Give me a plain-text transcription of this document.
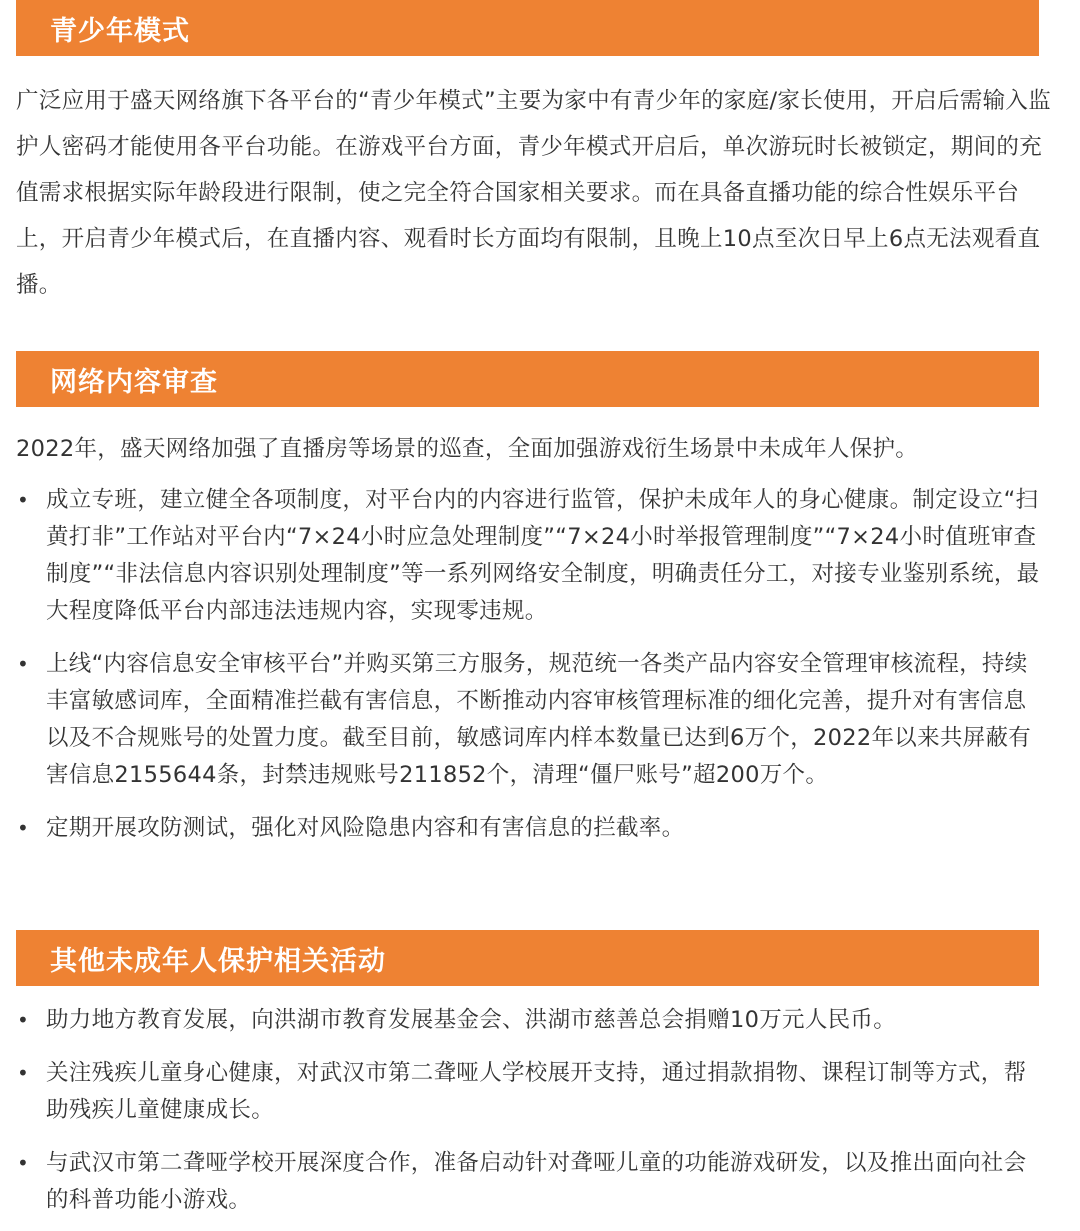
青少年模式

广泛应用于盛天网络旗下各平台的“青少年模式”主要为家中有青少年的家庭/家长使用，开启后需输入监护人密码才能使用各平台功能。在游戏平台方面，青少年模式开启后，单次游玩时长被锁定，期间的充值需求根据实际年龄段进行限制，使之完全符合国家相关要求。而在具备直播功能的综合性娱乐平台上，开启青少年模式后，在直播内容、观看时长方面均有限制，且晚上10点至次日早上6点无法观看直播。

网络内容审查

2022年，盛天网络加强了直播房等场景的巡查，全面加强游戏衍生场景中未成年人保护。

• 成立专班，建立健全各项制度，对平台内的内容进行监管，保护未成年人的身心健康。制定设立“扫黄打非”工作站对平台内“7×24小时应急处理制度”“7×24小时举报管理制度”“7×24小时值班审查制度”“非法信息内容识别处理制度”等一系列网络安全制度，明确责任分工，对接专业鉴别系统，最大程度降低平台内部违法违规内容，实现零违规。
• 上线“内容信息安全审核平台”并购买第三方服务，规范统一各类产品内容安全管理审核流程，持续丰富敏感词库，全面精准拦截有害信息，不断推动内容审核管理标准的细化完善，提升对有害信息以及不合规账号的处置力度。截至目前，敏感词库内样本数量已达到6万个，2022年以来共屏蔽有害信息2155644条，封禁违规账号211852个，清理“僵尸账号”超200万个。
• 定期开展攻防测试，强化对风险隐患内容和有害信息的拦截率。
其他未成年人保护相关活动
• 助力地方教育发展，向洪湖市教育发展基金会、洪湖市慈善总会捐赠10万元人民币。
• 关注残疾儿童身心健康，对武汉市第二聋哑人学校展开支持，通过捐款捐物、课程订制等方式，帮助残疾儿童健康成长。
• 与武汉市第二聋哑学校开展深度合作，准备启动针对聋哑儿童的功能游戏研发，以及推出面向社会的科普功能小游戏。
